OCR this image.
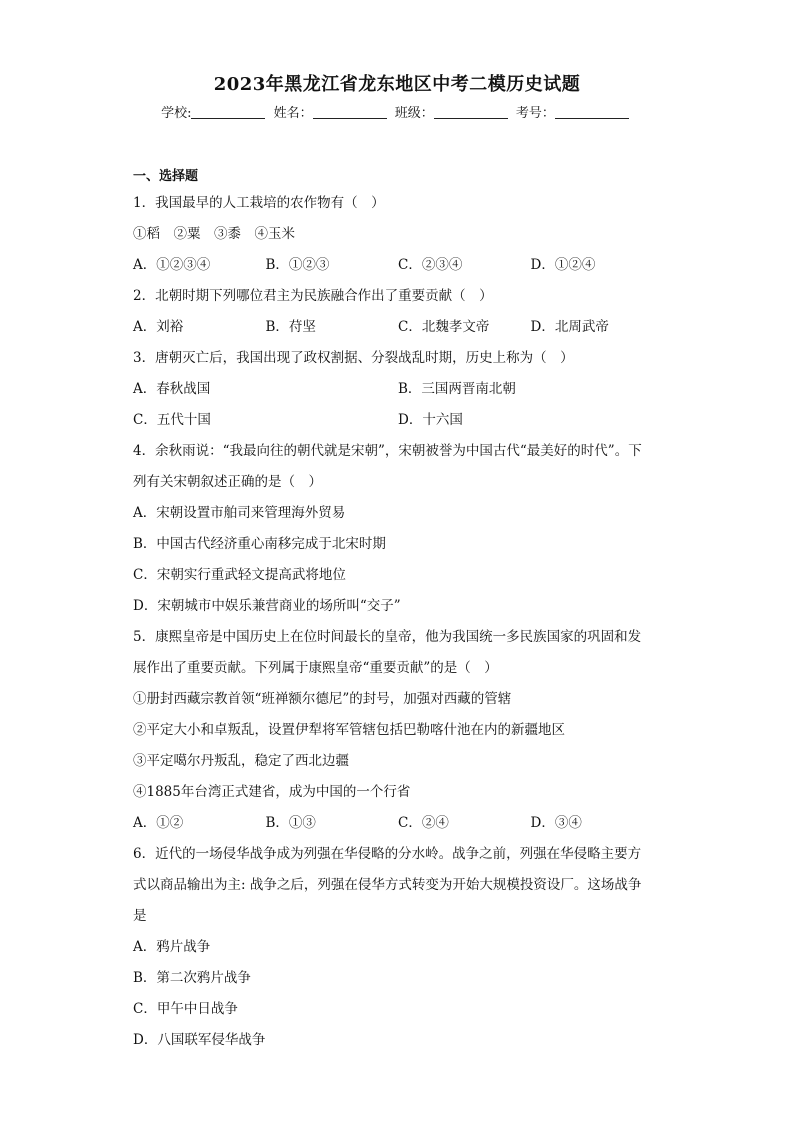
2023年黑龙江省龙东地区中考二模历史试题
学校:	姓名：	班级：	考号：
一、选择题
1．我国最早的人工栽培的农作物有（　）
①稻　②粟　③黍　④玉米
A．①②③④	B．①②③	C．②③④	D．①②④
2．北朝时期下列哪位君主为民族融合作出了重要贡献（　）
A．刘裕	B．苻坚	C．北魏孝文帝	D．北周武帝
3．唐朝灭亡后，我国出现了政权割据、分裂战乱时期，历史上称为（　）
A．春秋战国	B．三国两晋南北朝
C．五代十国	D．十六国
4．余秋雨说：“我最向往的朝代就是宋朝”，宋朝被誉为中国古代“最美好的时代”。下
列有关宋朝叙述正确的是（　）
A．宋朝设置市舶司来管理海外贸易
B．中国古代经济重心南移完成于北宋时期
C．宋朝实行重武轻文提高武将地位
D．宋朝城市中娱乐兼营商业的场所叫“交子”
5．康熙皇帝是中国历史上在位时间最长的皇帝，他为我国统一多民族国家的巩固和发
展作出了重要贡献。下列属于康熙皇帝“重要贡献”的是（　）
①册封西藏宗教首领“班禅额尔德尼”的封号，加强对西藏的管辖
②平定大小和卓叛乱，设置伊犁将军管辖包括巴勒喀什池在内的新疆地区
③平定噶尔丹叛乱，稳定了西北边疆
④1885年台湾正式建省，成为中国的一个行省
A．①②	B．①③	C．②④	D．③④
6．近代的一场侵华战争成为列强在华侵略的分水岭。战争之前，列强在华侵略主要方
式以商品输出为主: 战争之后，列强在侵华方式转变为开始大规模投资设厂。这场战争
是
A．鸦片战争
B．第二次鸦片战争
C．甲午中日战争
D．八国联军侵华战争
